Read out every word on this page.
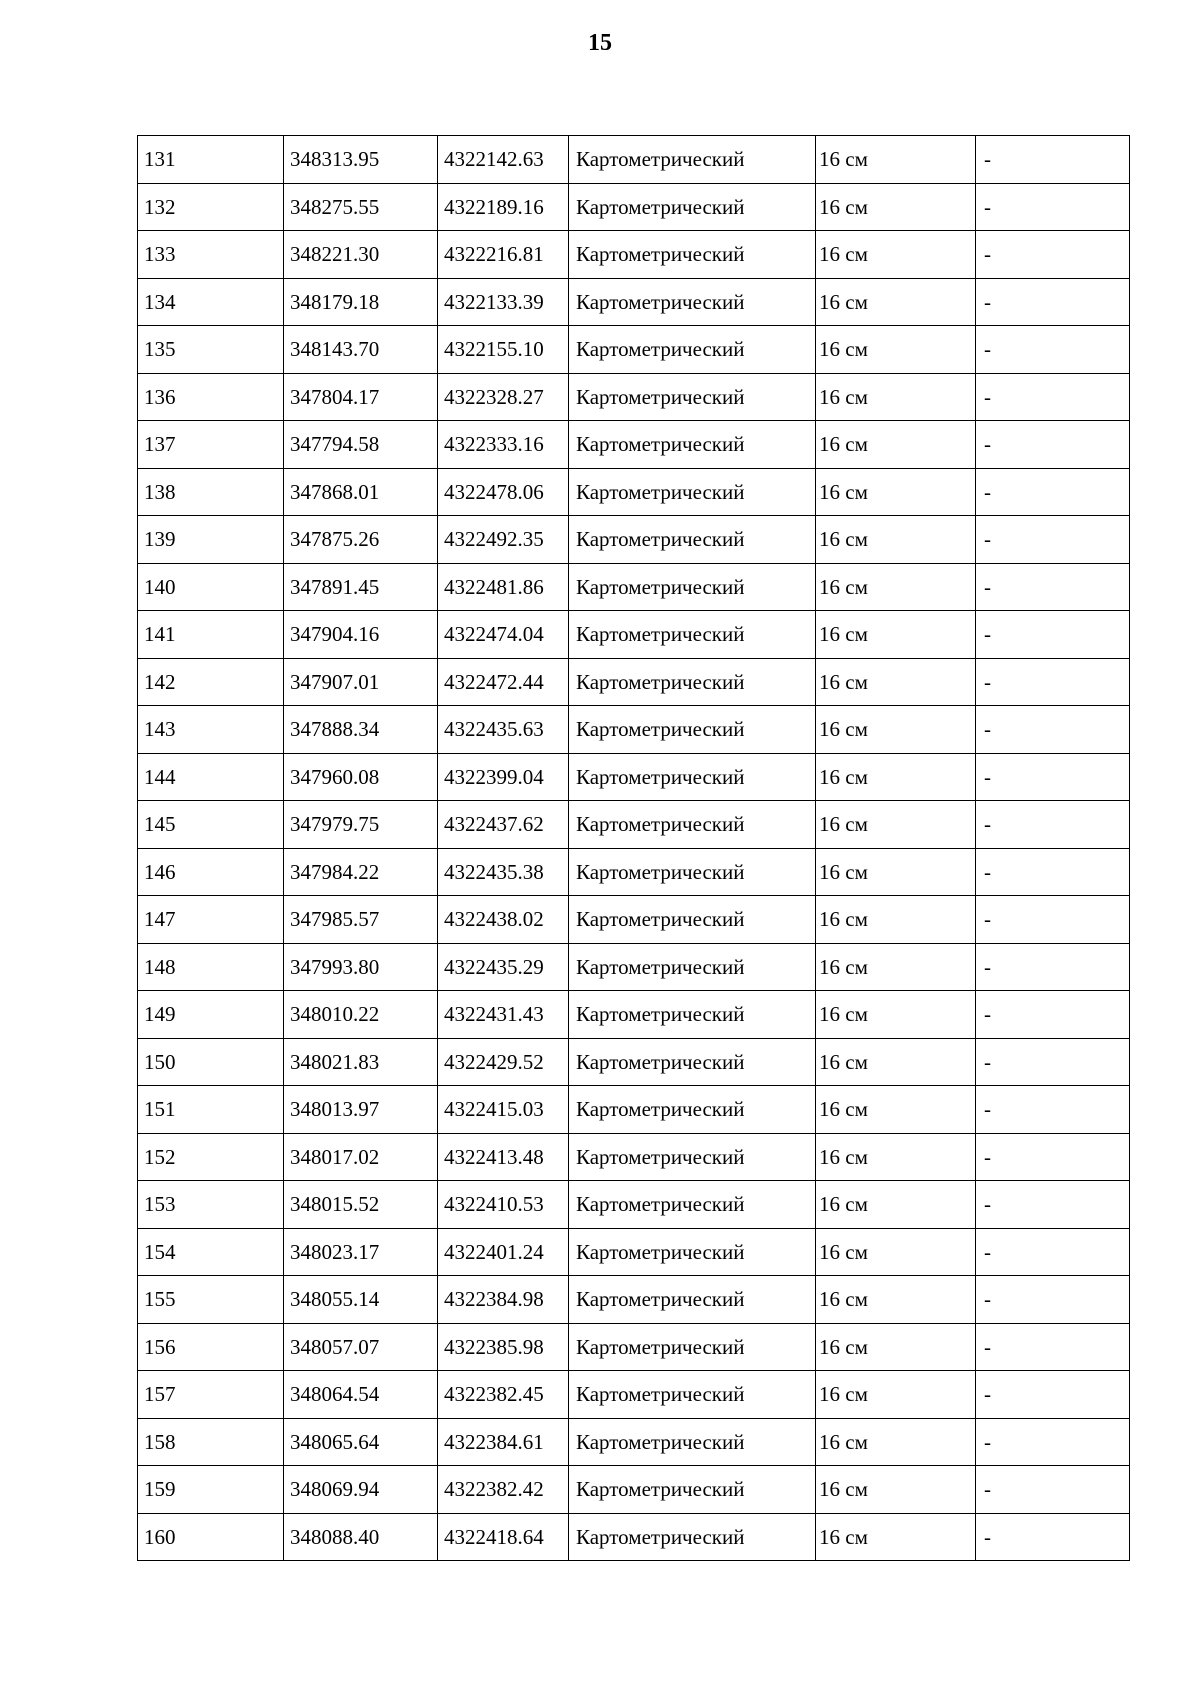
15
131	348313.95	4322142.63	Картометрический	16 см	-
132	348275.55	4322189.16	Картометрический	16 см	-
133	348221.30	4322216.81	Картометрический	16 см	-
134	348179.18	4322133.39	Картометрический	16 см	-
135	348143.70	4322155.10	Картометрический	16 см	-
136	347804.17	4322328.27	Картометрический	16 см	-
137	347794.58	4322333.16	Картометрический	16 см	-
138	347868.01	4322478.06	Картометрический	16 см	-
139	347875.26	4322492.35	Картометрический	16 см	-
140	347891.45	4322481.86	Картометрический	16 см	-
141	347904.16	4322474.04	Картометрический	16 см	-
142	347907.01	4322472.44	Картометрический	16 см	-
143	347888.34	4322435.63	Картометрический	16 см	-
144	347960.08	4322399.04	Картометрический	16 см	-
145	347979.75	4322437.62	Картометрический	16 см	-
146	347984.22	4322435.38	Картометрический	16 см	-
147	347985.57	4322438.02	Картометрический	16 см	-
148	347993.80	4322435.29	Картометрический	16 см	-
149	348010.22	4322431.43	Картометрический	16 см	-
150	348021.83	4322429.52	Картометрический	16 см	-
151	348013.97	4322415.03	Картометрический	16 см	-
152	348017.02	4322413.48	Картометрический	16 см	-
153	348015.52	4322410.53	Картометрический	16 см	-
154	348023.17	4322401.24	Картометрический	16 см	-
155	348055.14	4322384.98	Картометрический	16 см	-
156	348057.07	4322385.98	Картометрический	16 см	-
157	348064.54	4322382.45	Картометрический	16 см	-
158	348065.64	4322384.61	Картометрический	16 см	-
159	348069.94	4322382.42	Картометрический	16 см	-
160	348088.40	4322418.64	Картометрический	16 см	-
